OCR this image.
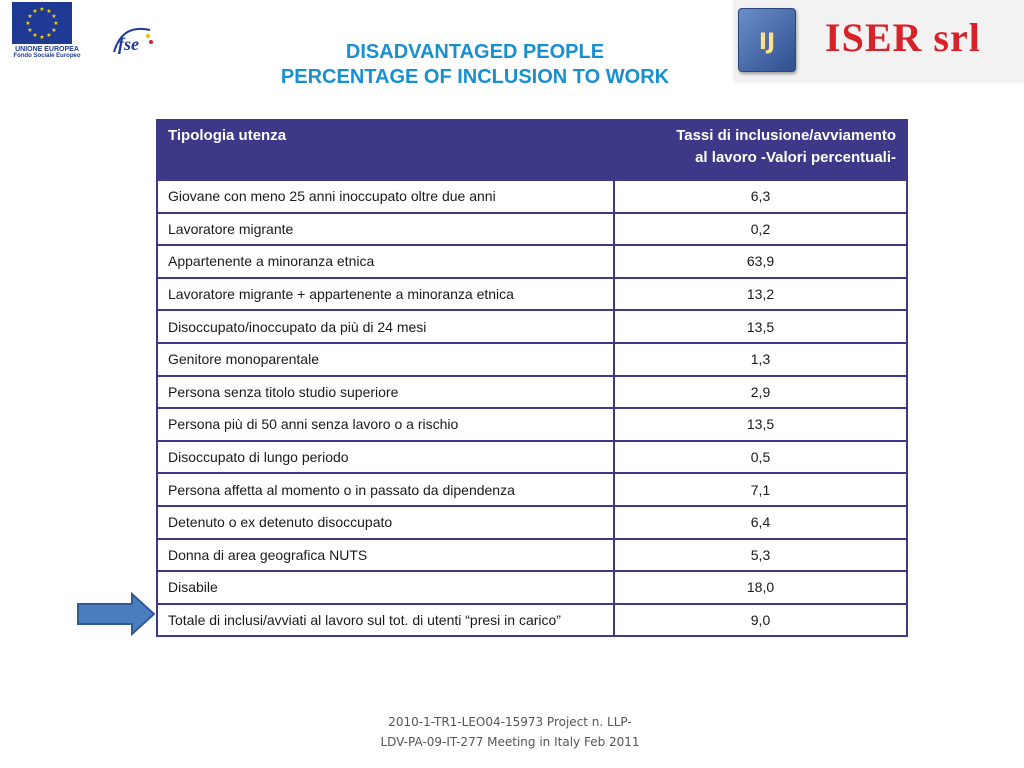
★ ★
★
★
★
★
★
★
★
★
★
★
UNIONE EUROPEA
Fondo Sociale Europeo
fse	DISADVANTAGED PEOPLE
PERCENTAGE OF INCLUSION TO WORK
IJ ISER srl
Tipologia utenza	Tassi di inclusione/avviamento
al lavoro -Valori percentuali-

Giovane con meno 25 anni inoccupato oltre due anni	6,3
Lavoratore migrante	0,2
Appartenente a minoranza etnica	63,9
Lavoratore migrante + appartenente a minoranza etnica	13,2
Disoccupato/inoccupato da più di 24 mesi	13,5
Genitore monoparentale	1,3
Persona senza titolo studio superiore	2,9
Persona più di 50 anni senza lavoro o a rischio	13,5
Disoccupato di lungo periodo	0,5
Persona affetta al momento o in passato da dipendenza	7,1
Detenuto o ex detenuto disoccupato	6,4
Donna di area geografica NUTS	5,3
Disabile	18,0
Totale di inclusi/avviati al lavoro sul tot. di utenti “presi in carico”	9,0
2010-1-TR1-LEO04-15973 Project n. LLP-
LDV-PA-09-IT-277 Meeting in Italy Feb 2011
